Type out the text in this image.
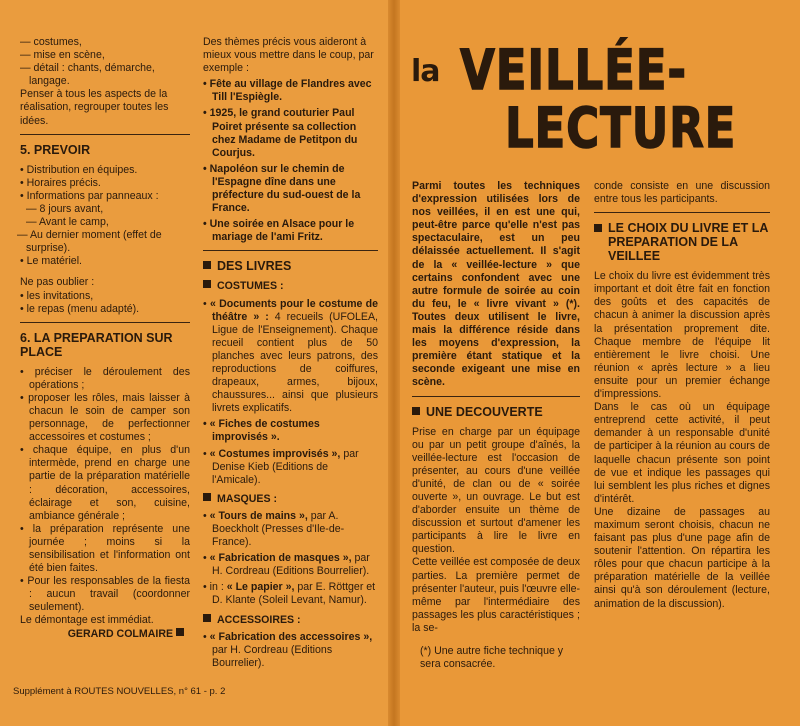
— costumes,

— mise en scène,

— détail : chants, démarche, langage.

Penser à tous les aspects de la réalisation, regrouper toutes les idées.

5. PREVOIR

• Distribution en équipes.

• Horaires précis.

• Informations par panneaux :

— 8 jours avant,

— Avant le camp,

— Au dernier moment (effet de surprise).

• Le matériel.

Ne pas oublier :

• les invitations,

• le repas (menu adapté).

6. LA PREPARATION SUR PLACE

• préciser le déroulement des opérations ;

• proposer les rôles, mais laisser à chacun le soin de camper son personnage, de perfectionner accessoires et costumes ;

• chaque équipe, en plus d'un intermède, prend en charge une partie de la préparation matérielle : décoration, accessoires, éclairage et son, cuisine, ambiance générale ;

• la préparation représente une journée ; moins si la sensibilisation et l'information ont été bien faites.

• Pour les responsables de la fiesta : aucun travail (coordonner seulement).

Le démontage est immédiat.

GERARD COLMAIRE

Des thèmes précis vous aideront à mieux vous mettre dans le coup, par exemple :

• Fête au village de Flandres avec Till l'Espiègle.

• 1925, le grand couturier Paul Poiret présente sa collection chez Madame de Petitpon du Courjus.

• Napoléon sur le chemin de l'Espagne dîne dans une préfecture du sud-ouest de la France.

• Une soirée en Alsace pour le mariage de l'ami Fritz.

DES LIVRES
COSTUMES :

• « Documents pour le costume de théâtre » : 4 recueils (UFOLEA, Ligue de l'Enseignement). Chaque recueil contient plus de 50 planches avec leurs patrons, des reproductions de coiffures, drapeaux, armes, bijoux, chaussures... ainsi que plusieurs livrets explicatifs.

• « Fiches de costumes improvisés ».

• « Costumes improvisés », par Denise Kieb (Editions de l'Amicale).

MASQUES :

• « Tours de mains », par A. Boeckholt (Presses d'Ile-de-France).

• « Fabrication de masques », par H. Cordreau (Editions Bourrelier).

• in : « Le papier », par E. Röttger et D. Klante (Soleil Levant, Namur).

ACCESSOIRES :

• « Fabrication des accessoires », par H. Cordreau (Editions Bourrelier).

la VEILLÉE-
LECTURE

Parmi toutes les techniques d'expression utilisées lors de nos veillées, il en est une qui, peut-être parce qu'elle n'est pas spectaculaire, est un peu délaissée actuellement. Il s'agit de la « veillée-lecture » que certains confondent avec une autre formule de soirée au coin du feu, le « livre vivant » (*). Toutes deux utilisent le livre, mais la différence réside dans les moyens d'expression, la première étant statique et la seconde exigeant une mise en scène.

UNE DECOUVERTE

Prise en charge par un équipage ou par un petit groupe d'aînés, la veillée-lecture est l'occasion de présenter, au cours d'une veillée d'unité, de clan ou de « soirée ouverte », un ouvrage. Le but est d'aborder ensuite un thème de discussion et surtout d'amener les participants à lire le livre en question.

Cette veillée est composée de deux parties. La première permet de présenter l'auteur, puis l'œuvre elle-même par l'intermédiaire des passages les plus caractéristiques ; la se-

(*) Une autre fiche technique y sera consacrée.

conde consiste en une discussion entre tous les participants.

LE CHOIX DU LIVRE ET LA PREPARATION DE LA VEILLEE

Le choix du livre est évidemment très important et doit être fait en fonction des goûts et des capacités de chacun à animer la discussion après la présentation proprement dite. Chaque membre de l'équipe lit entièrement le livre choisi. Une réunion « après lecture » a lieu ensuite pour un premier échange d'impressions.

Dans le cas où un équipage entreprend cette activité, il peut demander à un responsable d'unité de participer à la réunion au cours de laquelle chacun présente son point de vue et indique les passages qui lui semblent les plus riches et dignes d'intérêt.

Une dizaine de passages au maximum seront choisis, chacun ne faisant pas plus d'une page afin de soutenir l'attention. On répartira les rôles pour que chacun participe à la préparation matérielle de la veillée ainsi qu'à son déroulement (lecture, animation de la discussion).

Supplément à ROUTES NOUVELLES, n° 61 - p. 2
